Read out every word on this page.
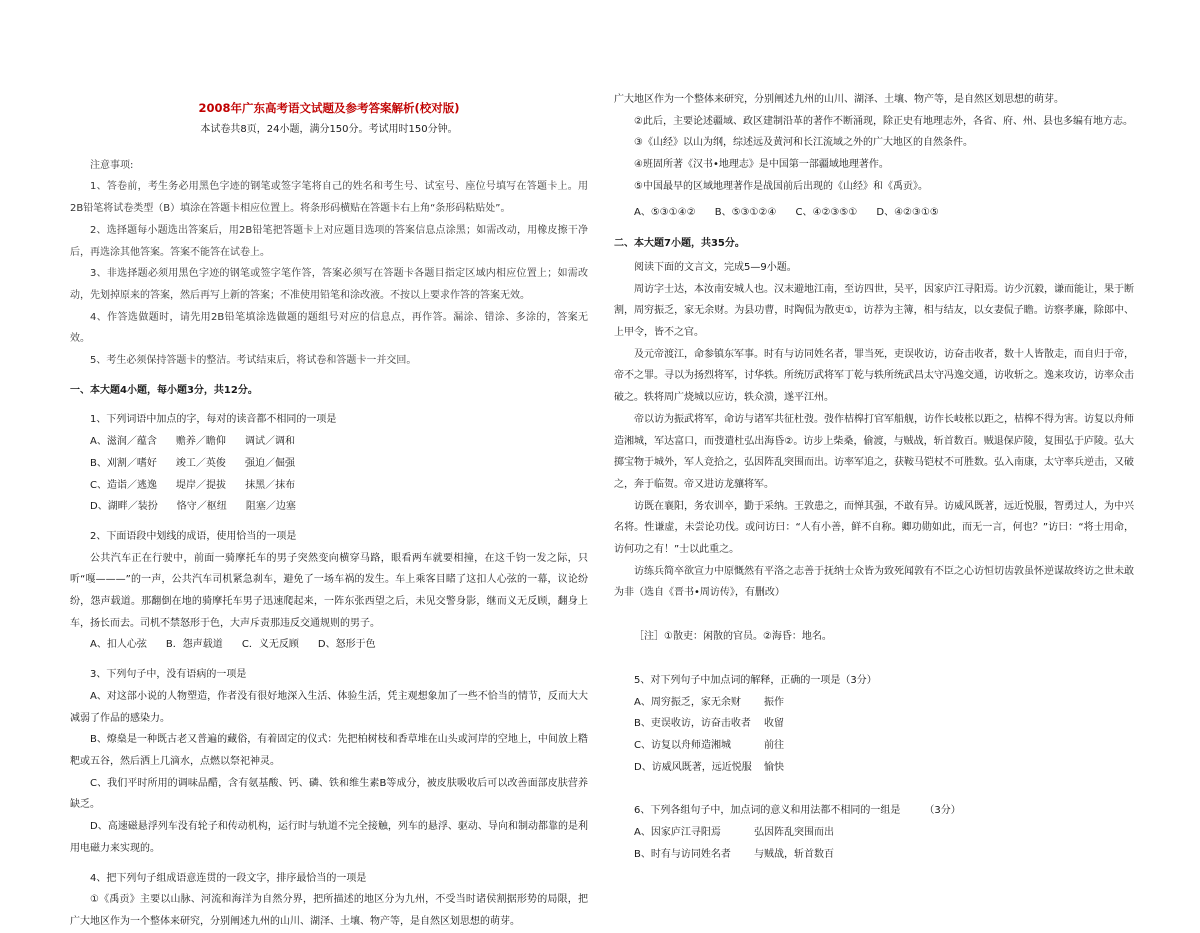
2008年广东高考语文试题及参考答案解析(校对版)
本试卷共8页，24小题，满分150分。考试用时150分钟。

注意事项:

1、答卷前，考生务必用黑色字迹的钢笔或签字笔将自己的姓名和考生号、试室号、座位号填写在答题卡上。用2B铅笔将试卷类型（B）填涂在答题卡相应位置上。将条形码横贴在答题卡右上角“条形码粘贴处”。

2、选择题每小题选出答案后，用2B铅笔把答题卡上对应题目选项的答案信息点涂黑；如需改动，用橡皮擦干净后，再选涂其他答案。答案不能答在试卷上。

3、非选择题必须用黑色字迹的钢笔或签字笔作答，答案必须写在答题卡各题目指定区域内相应位置上；如需改动，先划掉原来的答案，然后再写上新的答案；不准使用铅笔和涂改液。不按以上要求作答的答案无效。

4、作答选做题时，请先用2B铅笔填涂选做题的题组号对应的信息点，再作答。漏涂、错涂、多涂的，答案无效。

5、考生必须保持答题卡的整洁。考试结束后，将试卷和答题卡一并交回。

一、本大题4小题，每小题3分，共12分。

1、下列词语中加点的字，每对的读音都不相同的一项是

A、滋润／蕴含      赡养／瞻仰      调试／调和

B、刈割／嗜好      竣工／英俊      强迫／倔强

C、造诣／逃逸      堤岸／提拔      抹黑／抹布

D、湖畔／装扮      恪守／枢纽      阻塞／边塞

2、下面语段中划线的成语，使用恰当的一项是

公共汽车正在行驶中，前面一骑摩托车的男子突然变向横穿马路，眼看两车就要相撞，在这千钧一发之际，只听“嘎———”的一声，公共汽车司机紧急刹车，避免了一场车祸的发生。车上乘客目睹了这扣人心弦的一幕，议论纷纷，怨声载道。那翻倒在地的骑摩托车男子迅速爬起来，一阵东张西望之后，未见交警身影，继而义无反顾，翻身上车，扬长而去。司机不禁怒形于色，大声斥责那违反交通规则的男子。

A、扣人心弦      B．怨声载道      C．义无反顾      D、怒形于色

3、下列句子中，没有语病的一项是

A、对这部小说的人物塑造，作者没有很好地深入生活、体验生活，凭主观想象加了一些不恰当的情节，反而大大减弱了作品的感染力。

B、燎燊是一种既古老又普遍的藏俗，有着固定的仪式：先把柏树枝和香草堆在山头或河岸的空地上，中间放上糌粑或五谷，然后洒上几滴水，点燃以祭祀神灵。

C、我们平时所用的调味品醋，含有氨基酸、钙、磷、铁和维生素B等成分，被皮肤吸收后可以改善面部皮肤营养缺乏。

D、高速磁悬浮列车没有轮子和传动机构，运行时与轨道不完全接触，列车的悬浮、驱动、导向和制动都靠的是利用电磁力来实现的。

4、把下列句子组成语意连贯的一段文字，排序最恰当的一项是

①《禹贡》主要以山脉、河流和海洋为自然分界，把所描述的地区分为九州，不受当时诸侯割据形势的局限，把广大地区作为一个整体来研究，分别阐述九州的山川、湖泽、土壤、物产等，是自然区划思想的萌芽。

广大地区作为一个整体来研究，分别阐述九州的山川、湖泽、土壤、物产等，是自然区划思想的萌芽。

②此后，主要论述疆域、政区建制沿革的著作不断涌现，除正史有地理志外，各省、府、州、县也多编有地方志。

③《山经》以山为纲，综述远及黄河和长江流域之外的广大地区的自然条件。

④班固所著《汉书•地理志》是中国第一部疆域地理著作。

⑤中国最早的区域地理著作是战国前后出现的《山经》和《禹贡》。

A、⑤③①④②      B、⑤③①②④      C、④②③⑤①      D、④②③①⑤

二、本大题7小题，共35分。

阅读下面的文言文，完成5—9小题。

周访字士达，本汝南安城人也。汉末避地江南，至访四世，吴平，因家庐江寻阳焉。访少沉毅，谦而能让，果于断割，周穷振乏，家无余财。为县功曹，时陶侃为散吏①，访荐为主簿，相与结友，以女妻侃子瞻。访察孝廉，除郎中、上甲令，皆不之官。

及元帝渡江，命参镇东军事。时有与访同姓名者，罪当死，吏误收访，访奋击收者，数十人皆散走，而自归于帝，帝不之罪。寻以为扬烈将军，讨华轶。所统厉武将军丁乾与轶所统武昌太守冯逸交通，访收斩之。逸来攻访，访率众击破之。轶将周广烧城以应访，轶众溃，遂平江州。

帝以访为振武将军，命访与诸军共征杜弢。弢作桔槔打官军船舰，访作长岐枨以距之，桔槔不得为害。访复以舟师造湘城，军达富口，而弢遣杜弘出海昏②。访步上柴桑，偷渡，与贼战，斩首数百。贼退保庐陵，复围弘于庐陵。弘大掷宝物于城外，军人竞拾之，弘因阵乱突围而出。访率军追之，获鞍马铠杖不可胜数。弘入南康，太守率兵逆击，又破之，奔于临贺。帝又进访龙骧将军。

访既在襄阳，务农训卒，勤于采纳。王敦患之，而惮其强，不敢有异。访威风既著，远近悦服，智勇过人，为中兴名将。性谦虚，未尝论功伐。或问访曰：“人有小善，鲜不自称。卿功勋如此，而无一言，何也？”访曰：“将士用命，访何功之有！”士以此重之。

访练兵简卒欲宣力中原慨然有平洛之志善于抚纳士众皆为致死闻敦有不臣之心访恒切齿敦虽怀逆谋故终访之世未敢为非（选自《晋书•周访传》，有删改）

［注］①散吏：闲散的官员。②海昏：地名。

5、对下列句子中加点词的解释，正确的一项是（3分）

A、周穷振乏，家无余财 振作

B、吏误收访，访奋击收者 收留

C、访复以舟师造湘城	前往

D、访威风既著，远近悦服 愉快

6、下列各组句子中，加点词的意义和用法都不相同的一组是 （3分）

A、因家庐江寻阳焉	弘因阵乱突围而出

B、时有与访同姓名者 与贼战，斩首数百
